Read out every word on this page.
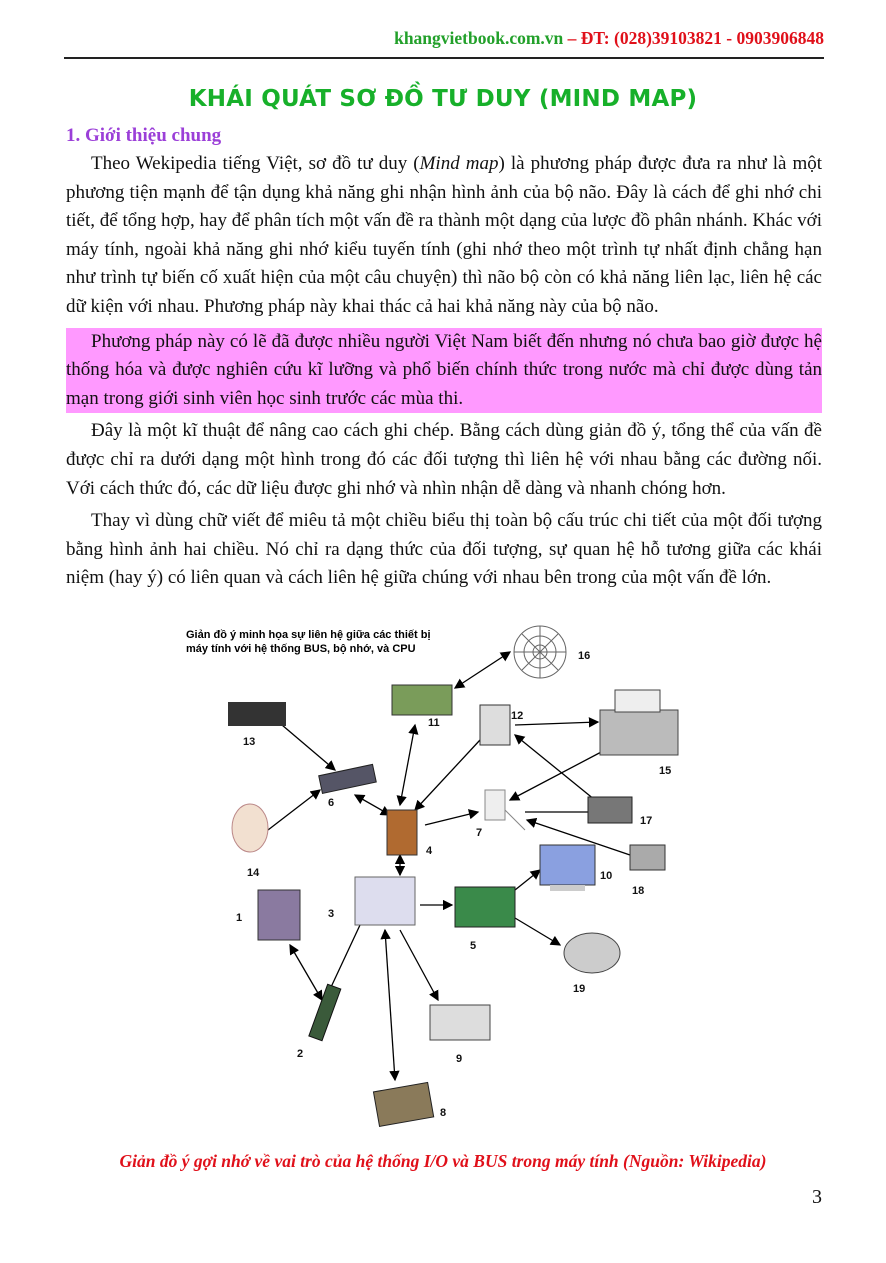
khangvietbook.com.vn – ĐT: (028)39103821 - 0903906848
KHÁI QUÁT SƠ ĐỒ TƯ DUY (MIND MAP)
1. Giới thiệu chung

Theo Wekipedia tiếng Việt, sơ đồ tư duy (Mind map) là phương pháp được đưa ra như là một phương tiện mạnh để tận dụng khả năng ghi nhận hình ảnh của bộ não. Đây là cách để ghi nhớ chi tiết, để tổng hợp, hay để phân tích một vấn đề ra thành một dạng của lược đồ phân nhánh. Khác với máy tính, ngoài khả năng ghi nhớ kiểu tuyến tính (ghi nhớ theo một trình tự nhất định chẳng hạn như trình tự biến cố xuất hiện của một câu chuyện) thì não bộ còn có khả năng liên lạc, liên hệ các dữ kiện với nhau. Phương pháp này khai thác cả hai khả năng này của bộ não.

Phương pháp này có lẽ đã được nhiều người Việt Nam biết đến nhưng nó chưa bao giờ được hệ thống hóa và được nghiên cứu kĩ lưỡng và phổ biến chính thức trong nước mà chỉ được dùng tản mạn trong giới sinh viên học sinh trước các mùa thi.

Đây là một kĩ thuật để nâng cao cách ghi chép. Bằng cách dùng giản đồ ý, tổng thể của vấn đề được chỉ ra dưới dạng một hình trong đó các đối tượng thì liên hệ với nhau bằng các đường nối. Với cách thức đó, các dữ liệu được ghi nhớ và nhìn nhận dễ dàng và nhanh chóng hơn.

Thay vì dùng chữ viết để miêu tả một chiều biểu thị toàn bộ cấu trúc chi tiết của một đối tượng bằng hình ảnh hai chiều. Nó chỉ ra dạng thức của đối tượng, sự quan hệ hỗ tương giữa các khái niệm (hay ý) có liên quan và cách liên hệ giữa chúng với nhau bên trong của một vấn đề lớn.

Giản đồ ý minh họa sự liên hệ giữa các thiết bị
máy tính với hệ thống BUS, bộ nhớ, và CPU
1
2
3
4
5
6
7
8
9
10
11
12
13
14
15
16
17
18
19
Giản đồ ý gợi nhớ về vai trò của hệ thống I/O và BUS trong máy tính (Nguồn: Wikipedia)
3
